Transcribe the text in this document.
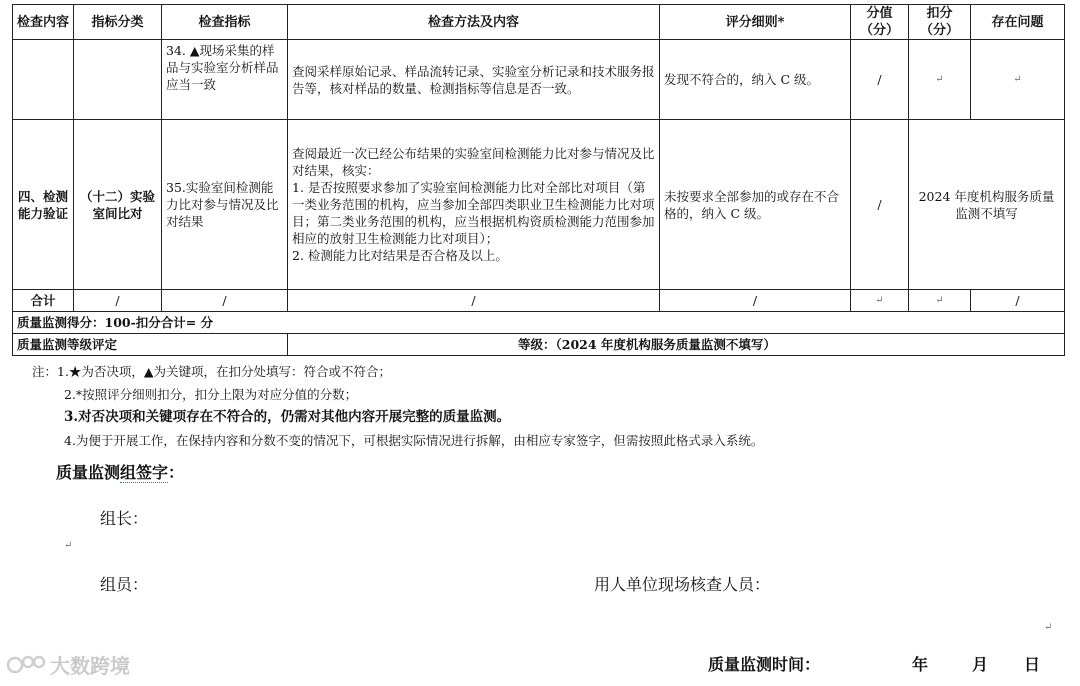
检查内容	指标分类	检查指标	检查方法及内容	评分细则*	分值（分）	扣分（分）	存在问题
		34. ▲现场采集的样品与实验室分析样品应当一致	查阅采样原始记录、样品流转记录、实验室分析记录和技术服务报告等，核对样品的数量、检测指标等信息是否一致。	发现不符合的，纳入 C 级。	/	↵	↵
四、检测能力验证	（十二）实验室间比对	35.实验室间检测能力比对参与情况及比对结果	查阅最近一次已经公布结果的实验室间检测能力比对参与情况及比对结果，核实：
1. 是否按照要求参加了实验室间检测能力比对全部比对项目（第一类业务范围的机构，应当参加全部四类职业卫生检测能力比对项目；第二类业务范围的机构，应当根据机构资质检测能力范围参加相应的放射卫生检测能力比对项目）；
2. 检测能力比对结果是否合格及以上。	未按要求全部参加的或存在不合格的，纳入 C 级。	/	2024 年度机构服务质量监测不填写	
合计	/	/	/	/	↵	↵	/
质量监测得分：100-扣分合计= 分							
质量监测等级评定			等级：（2024 年度机构服务质量监测不填写）				
注：1.★为否决项，▲为关键项，在扣分处填写：符合或不符合；
2.*按照评分细则扣分，扣分上限为对应分值的分数；
3.对否决项和关键项存在不符合的，仍需对其他内容开展完整的质量监测。
4.为便于开展工作，在保持内容和分数不变的情况下，可根据实际情况进行拆解，由相应专家签字，但需按照此格式录入系统。
质量监测组签字：
组长：
↵
组员：	用人单位现场核查人员：
↵
质量监测时间：	年	月 日
大数跨境
